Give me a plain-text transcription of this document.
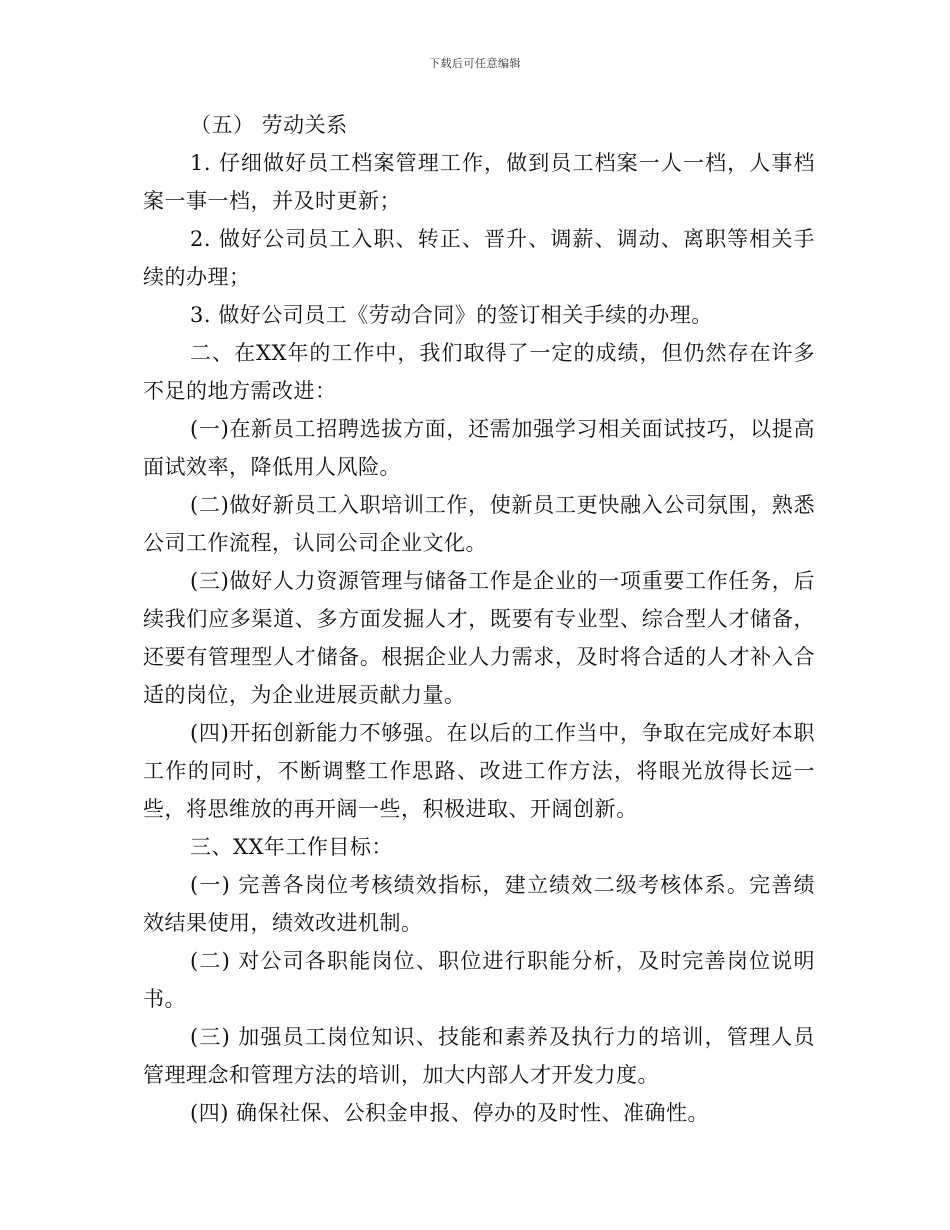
下载后可任意编辑

（五） 劳动关系

1. 仔细做好员工档案管理工作，做到员工档案一人一档，人事档案一事一档，并及时更新；

2. 做好公司员工入职、转正、晋升、调薪、调动、离职等相关手续的办理；

3. 做好公司员工《劳动合同》的签订相关手续的办理。

二、在XX年的工作中，我们取得了一定的成绩，但仍然存在许多不足的地方需改进：

(一)在新员工招聘选拔方面，还需加强学习相关面试技巧，以提高面试效率，降低用人风险。

(二)做好新员工入职培训工作，使新员工更快融入公司氛围，熟悉公司工作流程，认同公司企业文化。

(三)做好人力资源管理与储备工作是企业的一项重要工作任务，后续我们应多渠道、多方面发掘人才，既要有专业型、综合型人才储备，还要有管理型人才储备。根据企业人力需求，及时将合适的人才补入合适的岗位，为企业进展贡献力量。

(四)开拓创新能力不够强。在以后的工作当中，争取在完成好本职工作的同时，不断调整工作思路、改进工作方法，将眼光放得长远一些，将思维放的再开阔一些，积极进取、开阔创新。

三、XX年工作目标：

(一) 完善各岗位考核绩效指标，建立绩效二级考核体系。完善绩效结果使用，绩效改进机制。

(二) 对公司各职能岗位、职位进行职能分析，及时完善岗位说明书。

(三) 加强员工岗位知识、技能和素养及执行力的培训，管理人员管理理念和管理方法的培训，加大内部人才开发力度。

(四) 确保社保、公积金申报、停办的及时性、准确性。
